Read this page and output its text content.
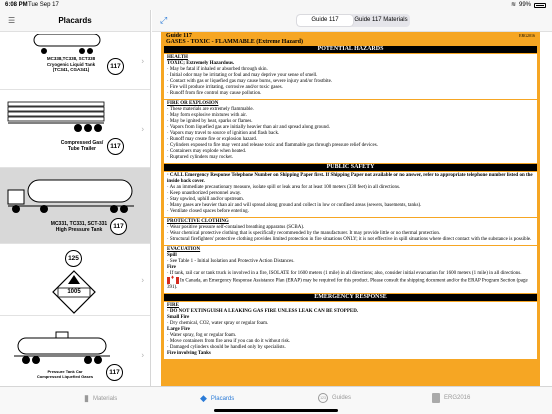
6:08 PM Tue Sep 17	≋ 99%
☰	Placards
MC338,TC338, SCT338
Cryogenic Liquid Tank
(TC341, CGA341)	117
›
Compressed Gas/
Tube Trailer	117
›
MC331, TC331, SCT-331
High Pressure Tank	117
125
1005
›
Pressure Tank Car
Compressed Liquefied Gases
117
›
⤢	Guide 117	Guide 117 Materials
Guide 117	ERG2016
GASES - TOXIC - FLAMMABLE (Extreme Hazard)
POTENTIAL HAZARDS
HEALTH
TOXIC; Extremely Hazardous.
· May be fatal if inhaled or absorbed through skin.
· Initial odor may be irritating or foul and may deprive your sense of smell.
· Contact with gas or liquefied gas may cause burns, severe injury and/or frostbite.
· Fire will produce irritating, corrosive and/or toxic gases.
· Runoff from fire control may cause pollution.
FIRE OR EXPLOSION
· These materials are extremely flammable.
· May form explosive mixtures with air.
· May be ignited by heat, sparks or flames.
· Vapors from liquefied gas are initially heavier than air and spread along ground.
· Vapors may travel to source of ignition and flash back.
· Runoff may create fire or explosion hazard.
· Cylinders exposed to fire may vent and release toxic and flammable gas through pressure relief devices.
· Containers may explode when heated.
· Ruptured cylinders may rocket.
PUBLIC SAFETY
· CALL Emergency Response Telephone Number on Shipping Paper first. If Shipping Paper not available or no answer, refer to appropriate telephone number listed on the inside back cover.
· As an immediate precautionary measure, isolate spill or leak area for at least 100 meters (330 feet) in all directions.
· Keep unauthorized personnel away.
· Stay upwind, uphill and/or upstream.
· Many gases are heavier than air and will spread along ground and collect in low or confined areas (sewers, basements, tanks).
· Ventilate closed spaces before entering.
PROTECTIVE CLOTHING
· Wear positive pressure self-contained breathing apparatus (SCBA).
· Wear chemical protective clothing that is specifically recommended by the manufacturer. It may provide little or no thermal protection.
· Structural firefighters' protective clothing provides limited protection in fire situations ONLY; it is not effective in spill situations where direct contact with the substance is possible.
EVACUATION
Spill
· See Table 1 - Initial Isolation and Protective Action Distances.
Fire
· If tank, rail car or tank truck is involved in a fire, ISOLATE for 1600 meters (1 mile) in all directions; also, consider initial evacuation for 1600 meters (1 mile) in all directions.
♦In Canada, an Emergency Response Assistance Plan (ERAP) may be required for this product. Please consult the shipping document and/or the ERAP Program Section (page 391).
EMERGENCY RESPONSE
FIRE
· DO NOT EXTINGUISH A LEAKING GAS FIRE UNLESS LEAK CAN BE STOPPED.
Small Fire
· Dry chemical, CO2, water spray or regular foam.
Large Fire
· Water spray, fog or regular foam.
· Move containers from fire area if you can do it without risk.
· Damaged cylinders should be handled only by specialists.
Fire involving Tanks
▮ Materials	◆ Placards	123	Guides	ERG2016
